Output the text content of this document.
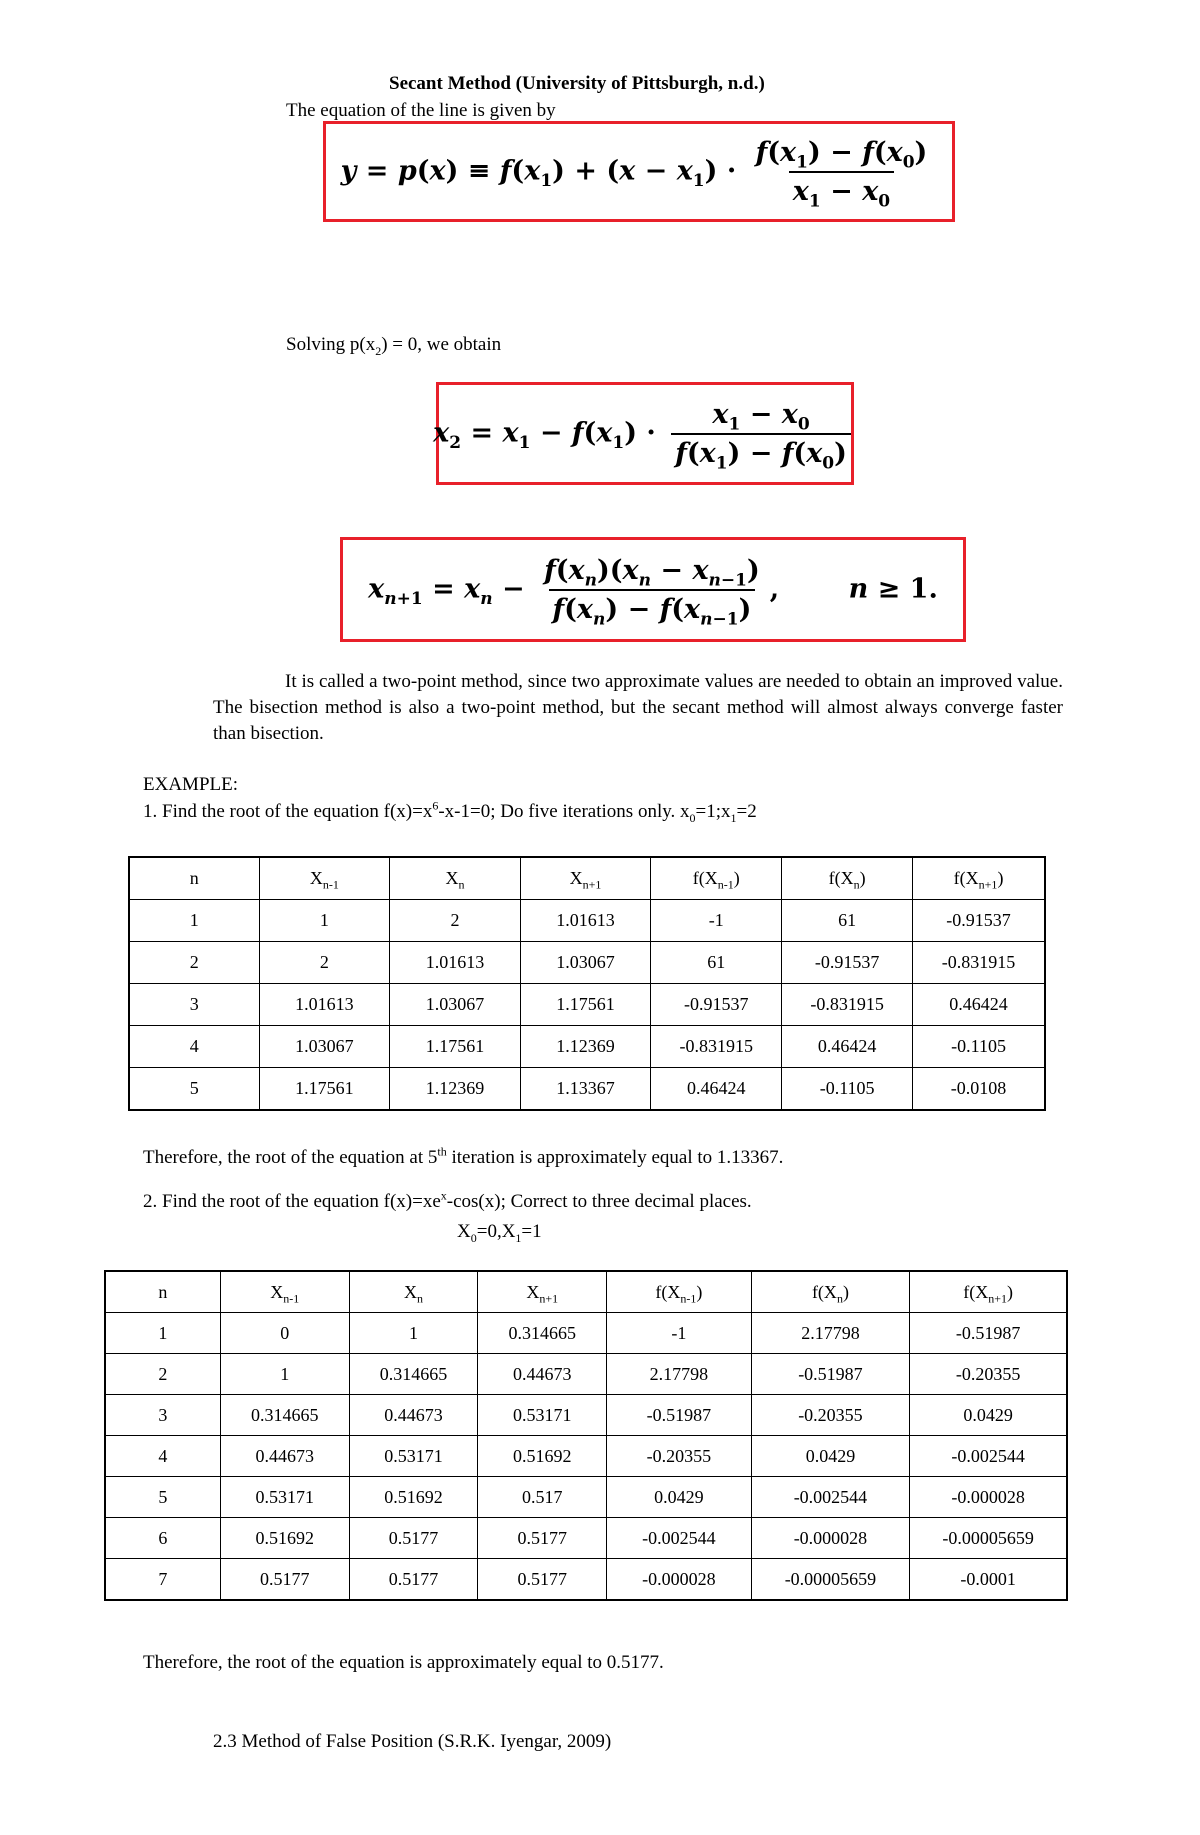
Secant Method (University of Pittsburgh, n.d.)
The equation of the line is given by
$y = p(x) \equiv f(x_1) + (x - x_1) \cdot \frac{f(x_1) - f(x_0)}{x_1 - x_0}$
Solving $p(x_2) = 0$, we obtain
$x_2 = x_1 - f(x_1) \cdot \frac{x_1 - x_0}{f(x_1) - f(x_0)}$
$x_{n+1} = x_n - \frac{f(x_n)(x_n - x_{n-1})}{f(x_n) - f(x_{n-1})}$ , n ≥ 1.
It is called a two-point method, since two approximate values are needed to obtain an improved value. The bisection method is also a two-point method, but the secant method will almost always converge faster than bisection.
EXAMPLE:
1. Find the root of the equation $f(x)=x^6-x-1=0$; Do five iterations only. $x_0=1;x_1=2$
n	$X_{n-1}$	$X_n$	$X_{n+1}$	$f(X_{n-1})$	$f(X_n)$	$f(X_{n+1})$
1	1	2	1.01613	-1	61	-0.91537
2	2	1.01613	1.03067	61	-0.91537	-0.831915
3	1.01613	1.03067	1.17561	-0.91537	-0.831915	0.46424
4	1.03067	1.17561	1.12369	-0.831915	0.46424	-0.1105
5	1.17561	1.12369	1.13367	0.46424	-0.1105	-0.0108
Therefore, the root of the equation at 5th iteration is approximately equal to 1.13367.
2. Find the root of the equation $f(x)=xe^x-\cos(x)$; Correct to three decimal places.
$X_0=0,X_1=1$
n	$X_{n-1}$	$X_n$	$X_{n+1}$	$f(X_{n-1})$	$f(X_n)$	$f(X_{n+1})$
1	0	1	0.314665	-1	2.17798	-0.51987
2	1	0.314665	0.44673	2.17798	-0.51987	-0.20355
3	0.314665	0.44673	0.53171	-0.51987	-0.20355	0.0429
4	0.44673	0.53171	0.51692	-0.20355	0.0429	-0.002544
5	0.53171	0.51692	0.517	0.0429	-0.002544	-0.000028
6	0.51692	0.5177	0.5177	-0.002544	-0.000028	-0.00005659
7	0.5177	0.5177	0.5177	-0.000028	-0.00005659	-0.0001
Therefore, the root of the equation is approximately equal to 0.5177.
2.3 Method of False Position (S.R.K. Iyengar, 2009)
